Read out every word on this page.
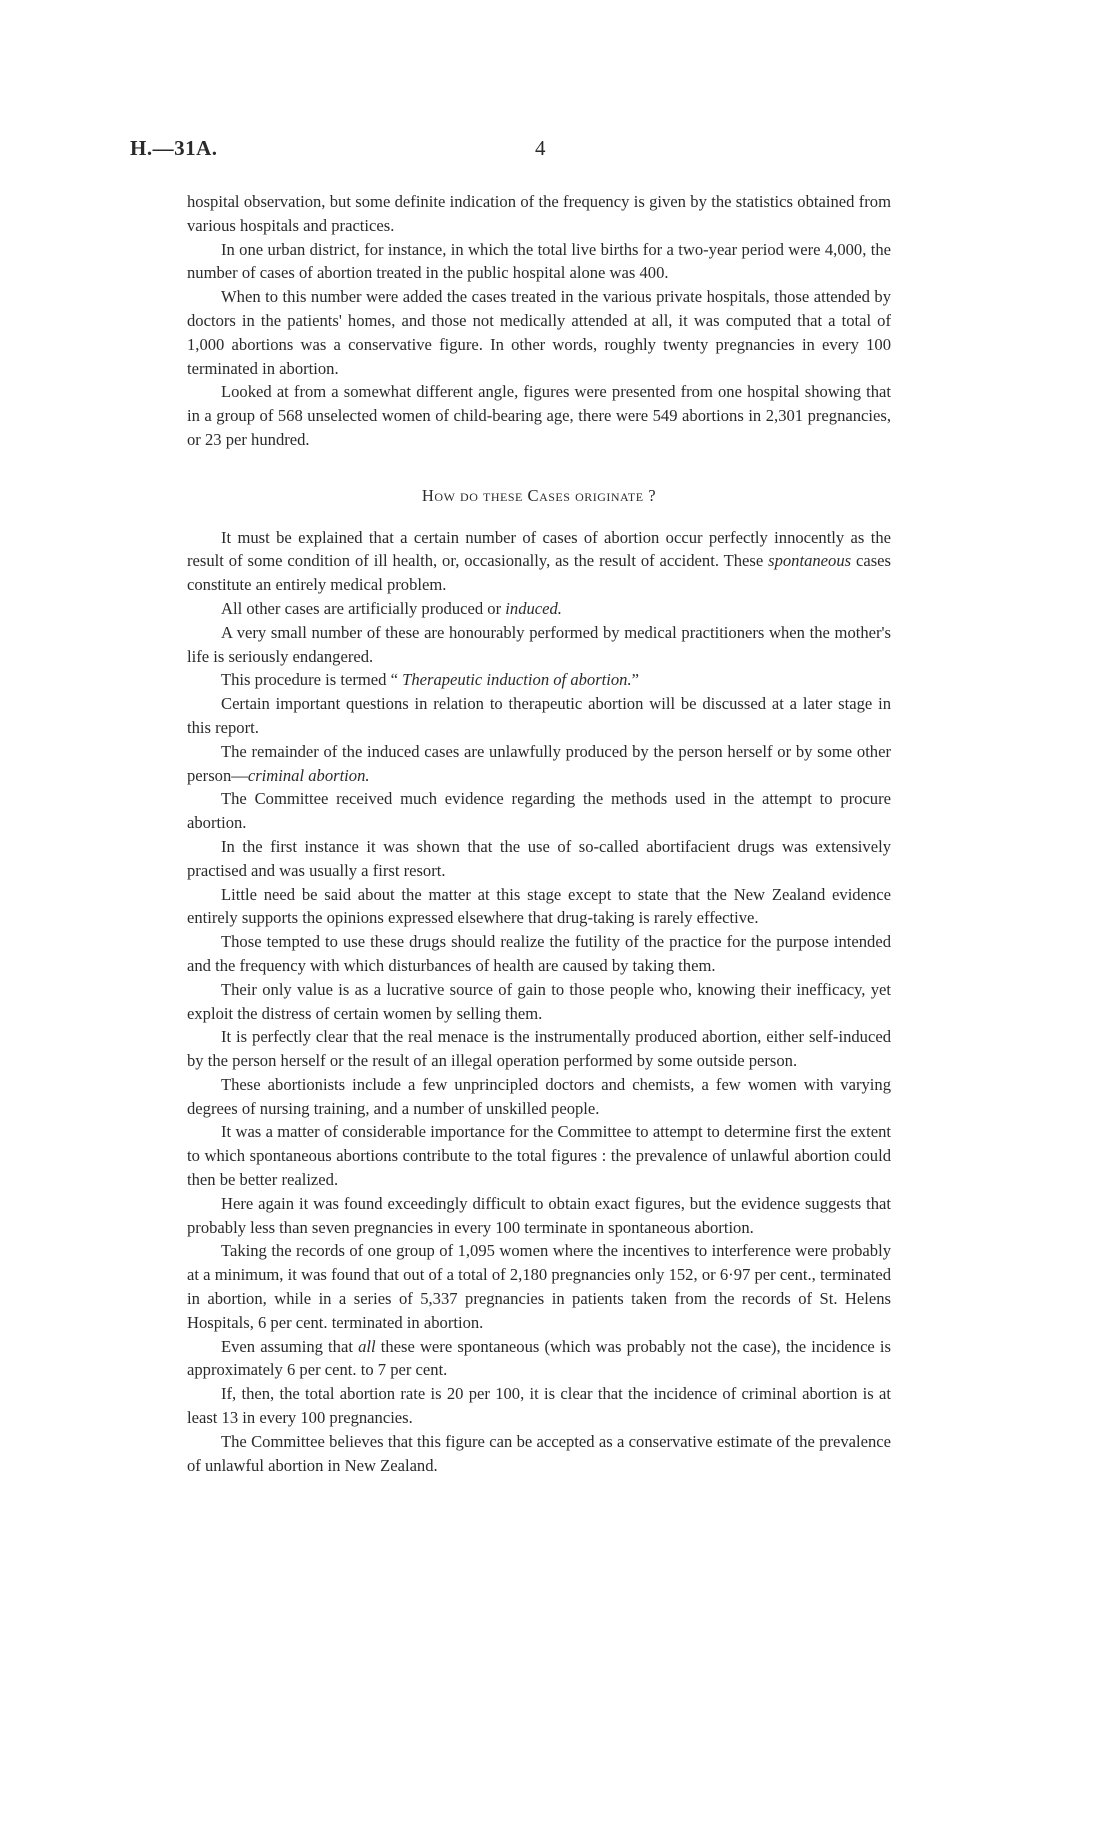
H.—31A.	4

hospital observation, but some definite indication of the frequency is given by the statistics obtained from various hospitals and practices.

In one urban district, for instance, in which the total live births for a two-year period were 4,000, the number of cases of abortion treated in the public hospital alone was 400.

When to this number were added the cases treated in the various private hospitals, those attended by doctors in the patients' homes, and those not medically attended at all, it was computed that a total of 1,000 abortions was a conservative figure. In other words, roughly twenty pregnancies in every 100 terminated in abortion.

Looked at from a somewhat different angle, figures were presented from one hospital showing that in a group of 568 unselected women of child-bearing age, there were 549 abortions in 2,301 pregnancies, or 23 per hundred.

How do these Cases originate ?

It must be explained that a certain number of cases of abortion occur perfectly innocently as the result of some condition of ill health, or, occasionally, as the result of accident. These spontaneous cases constitute an entirely medical problem.

All other cases are artificially produced or induced.

A very small number of these are honourably performed by medical practitioners when the mother's life is seriously endangered.

This procedure is termed “ Therapeutic induction of abortion.”

Certain important questions in relation to therapeutic abortion will be discussed at a later stage in this report.

The remainder of the induced cases are unlawfully produced by the person herself or by some other person—criminal abortion.

The Committee received much evidence regarding the methods used in the attempt to procure abortion.

In the first instance it was shown that the use of so-called abortifacient drugs was extensively practised and was usually a first resort.

Little need be said about the matter at this stage except to state that the New Zealand evidence entirely supports the opinions expressed elsewhere that drug-taking is rarely effective.

Those tempted to use these drugs should realize the futility of the practice for the purpose intended and the frequency with which disturbances of health are caused by taking them.

Their only value is as a lucrative source of gain to those people who, knowing their inefficacy, yet exploit the distress of certain women by selling them.

It is perfectly clear that the real menace is the instrumentally produced abortion, either self-induced by the person herself or the result of an illegal operation performed by some outside person.

These abortionists include a few unprincipled doctors and chemists, a few women with varying degrees of nursing training, and a number of unskilled people.

It was a matter of considerable importance for the Committee to attempt to determine first the extent to which spontaneous abortions contribute to the total figures : the prevalence of unlawful abortion could then be better realized.

Here again it was found exceedingly difficult to obtain exact figures, but the evidence suggests that probably less than seven pregnancies in every 100 terminate in spontaneous abortion.

Taking the records of one group of 1,095 women where the incentives to interference were probably at a minimum, it was found that out of a total of 2,180 pregnancies only 152, or 6·97 per cent., terminated in abortion, while in a series of 5,337 pregnancies in patients taken from the records of St. Helens Hospitals, 6 per cent. terminated in abortion.

Even assuming that all these were spontaneous (which was probably not the case), the incidence is approximately 6 per cent. to 7 per cent.

If, then, the total abortion rate is 20 per 100, it is clear that the incidence of criminal abortion is at least 13 in every 100 pregnancies.

The Committee believes that this figure can be accepted as a conservative estimate of the prevalence of unlawful abortion in New Zealand.
